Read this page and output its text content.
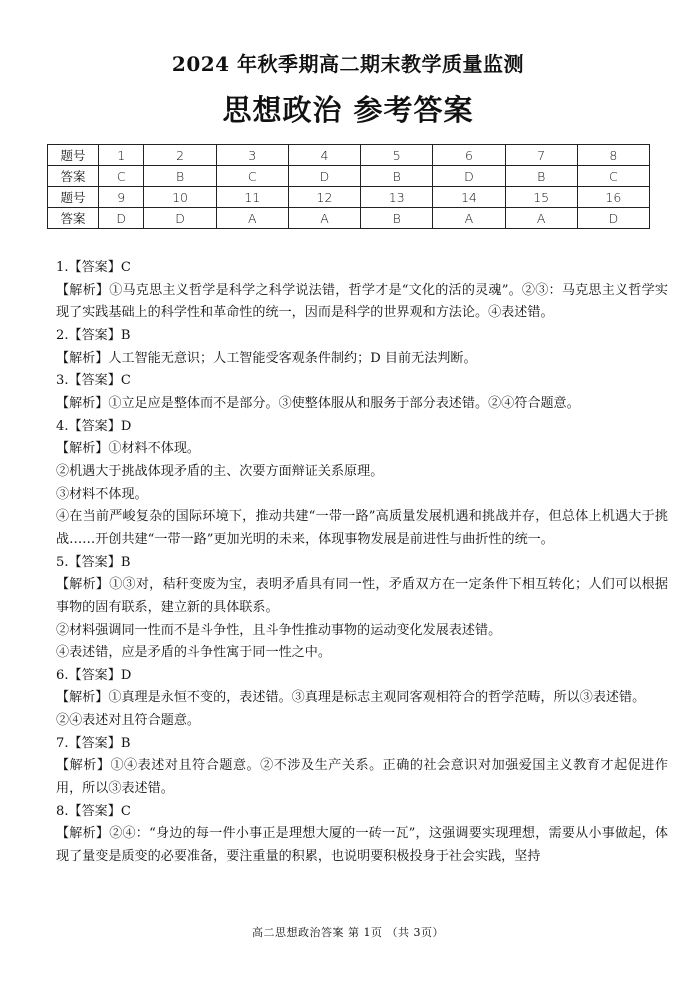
2024 年秋季期高二期末教学质量监测
思想政治 参考答案
题号	1	2	3	4	5	6	7	8
答案	C	B	C	D	B	D	B	C
题号	9	10	11	12	13	14	15	16
答案	D	D	A	A	B	A	A	D

1.【答案】C

【解析】①马克思主义哲学是科学之科学说法错，哲学才是“文化的活的灵魂”。②③：马克思主义哲学实现了实践基础上的科学性和革命性的统一，因而是科学的世界观和方法论。④表述错。

2.【答案】B

【解析】人工智能无意识；人工智能受客观条件制约；D 目前无法判断。

3.【答案】C

【解析】①立足应是整体而不是部分。③使整体服从和服务于部分表述错。②④符合题意。

4.【答案】D

【解析】①材料不体现。

②机遇大于挑战体现矛盾的主、次要方面辩证关系原理。

③材料不体现。

④在当前严峻复杂的国际环境下，推动共建“一带一路”高质量发展机遇和挑战并存，但总体上机遇大于挑战……开创共建“一带一路”更加光明的未来，体现事物发展是前进性与曲折性的统一。

5.【答案】B

【解析】①③对，秸秆变废为宝，表明矛盾具有同一性，矛盾双方在一定条件下相互转化；人们可以根据事物的固有联系，建立新的具体联系。

②材料强调同一性而不是斗争性，且斗争性推动事物的运动变化发展表述错。

④表述错，应是矛盾的斗争性寓于同一性之中。

6.【答案】D

【解析】①真理是永恒不变的，表述错。③真理是标志主观同客观相符合的哲学范畴，所以③表述错。

②④表述对且符合题意。

7.【答案】B

【解析】①④表述对且符合题意。②不涉及生产关系。正确的社会意识对加强爱国主义教育才起促进作用，所以③表述错。

8.【答案】C

【解析】②④：“身边的每一件小事正是理想大厦的一砖一瓦”，这强调要实现理想，需要从小事做起，体现了量变是质变的必要准备，要注重量的积累，也说明要积极投身于社会实践，坚持

高二思想政治答案 第 1页 （共 3页）
